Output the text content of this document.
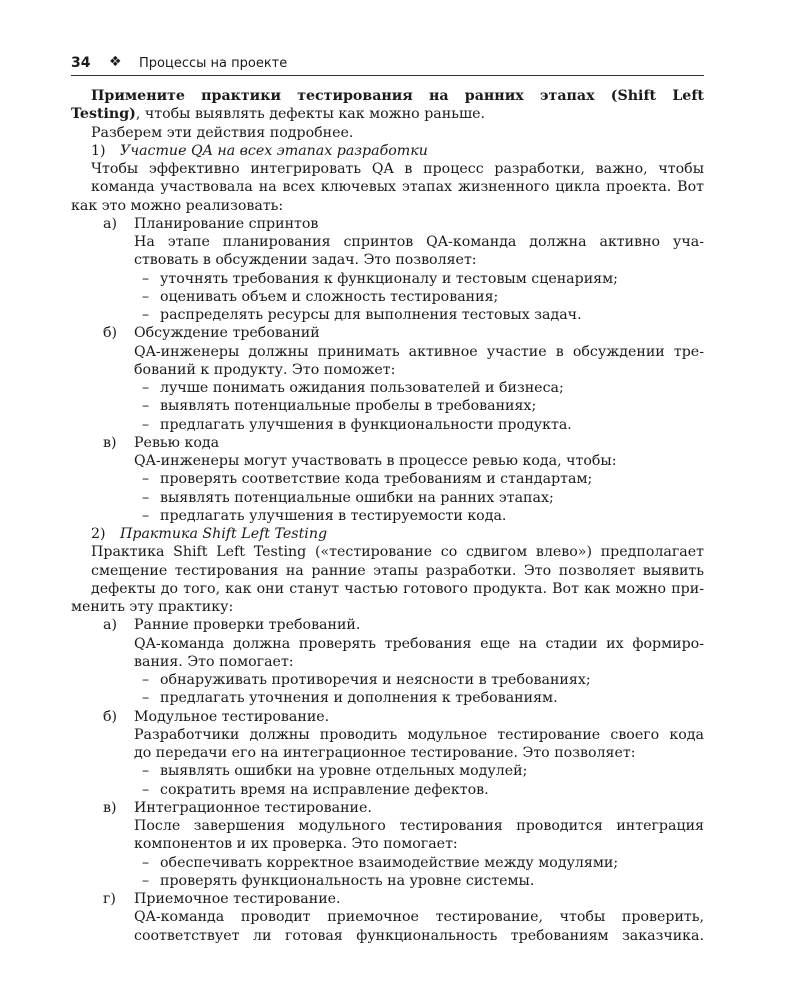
34 ❖ Процессы на проекте
Примените практики тестирования на ранних этапах (Shift Left
Testing), чтобы выявлять дефекты как можно раньше.
Разберем эти действия подробнее.
1) Участие QA на всех этапах разработки
Чтобы эффективно интегрировать QA в процесс разработки, важно, чтобы
команда участвовала на всех ключевых этапах жизненного цикла проекта. Вот
как это можно реализовать:
а) Планирование спринтов
На этапе планирования спринтов QA-команда должна активно уча-
ствовать в обсуждении задач. Это позволяет:
– уточнять требования к функционалу и тестовым сценариям;
– оценивать объем и сложность тестирования;
– распределять ресурсы для выполнения тестовых задач.
б) Обсуждение требований
QA-инженеры должны принимать активное участие в обсуждении тре-
бований к продукту. Это поможет:
– лучше понимать ожидания пользователей и бизнеса;
– выявлять потенциальные пробелы в требованиях;
– предлагать улучшения в функциональности продукта.
в) Ревью кода
QA-инженеры могут участвовать в процессе ревью кода, чтобы:
– проверять соответствие кода требованиям и стандартам;
– выявлять потенциальные ошибки на ранних этапах;
– предлагать улучшения в тестируемости кода.
2) Практика Shift Left Testing
Практика Shift Left Testing («тестирование со сдвигом влево») предполагает
смещение тестирования на ранние этапы разработки. Это позволяет выявить
дефекты до того, как они станут частью готового продукта. Вот как можно при-
менить эту практику:
а) Ранние проверки требований.
QA-команда должна проверять требования еще на стадии их формиро-
вания. Это помогает:
– обнаруживать противоречия и неясности в требованиях;
– предлагать уточнения и дополнения к требованиям.
б) Модульное тестирование.
Разработчики должны проводить модульное тестирование своего кода
до передачи его на интеграционное тестирование. Это позволяет:
– выявлять ошибки на уровне отдельных модулей;
– сократить время на исправление дефектов.
в) Интеграционное тестирование.
После завершения модульного тестирования проводится интеграция
компонентов и их проверка. Это помогает:
– обеспечивать корректное взаимодействие между модулями;
– проверять функциональность на уровне системы.
г) Приемочное тестирование.
QA-команда проводит приемочное тестирование, чтобы проверить,
соответствует ли готовая функциональность требованиям заказчика.
